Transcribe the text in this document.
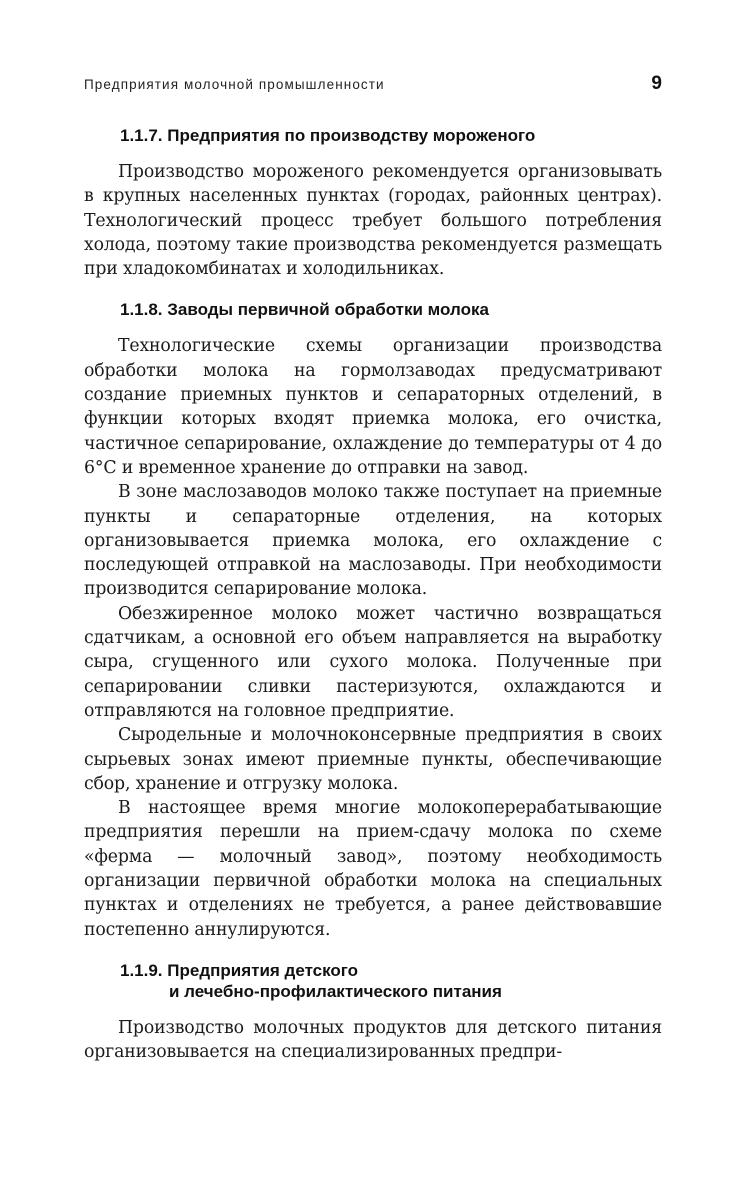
Предприятия молочной промышленности	9
1.1.7. Предприятия по производству мороженого

Производство мороженого рекомендуется организовывать в крупных населенных пунктах (городах, районных центрах). Технологический процесс требует большого потребления холода, поэтому такие производства рекомендуется размещать при хладокомбинатах и холодильниках.

1.1.8. Заводы первичной обработки молока

Технологические схемы организации производства обработки молока на гормолзаводах предусматривают создание приемных пунктов и сепараторных отделений, в функции которых входят приемка молока, его очистка, частичное сепарирование, охлаждение до температуры от 4 до 6°С и временное хранение до отправки на завод.

В зоне маслозаводов молоко также поступает на приемные пункты и сепараторные отделения, на которых организовывается приемка молока, его охлаждение с последующей отправкой на маслозаводы. При необходимости производится сепарирование молока.

Обезжиренное молоко может частично возвращаться сдатчикам, а основной его объем направляется на выработку сыра, сгущенного или сухого молока. Полученные при сепарировании сливки пастеризуются, охлаждаются и отправляются на головное предприятие.

Сыродельные и молочноконсервные предприятия в своих сырьевых зонах имеют приемные пункты, обеспечивающие сбор, хранение и отгрузку молока.

В настоящее время многие молокоперерабатывающие предприятия перешли на прием-сдачу молока по схеме «ферма — молочный завод», поэтому необходимость организации первичной обработки молока на специальных пунктах и отделениях не требуется, а ранее действовавшие постепенно аннулируются.

1.1.9. Предприятия детского
и лечебно-профилактического питания

Производство молочных продуктов для детского питания организовывается на специализированных предпри-
